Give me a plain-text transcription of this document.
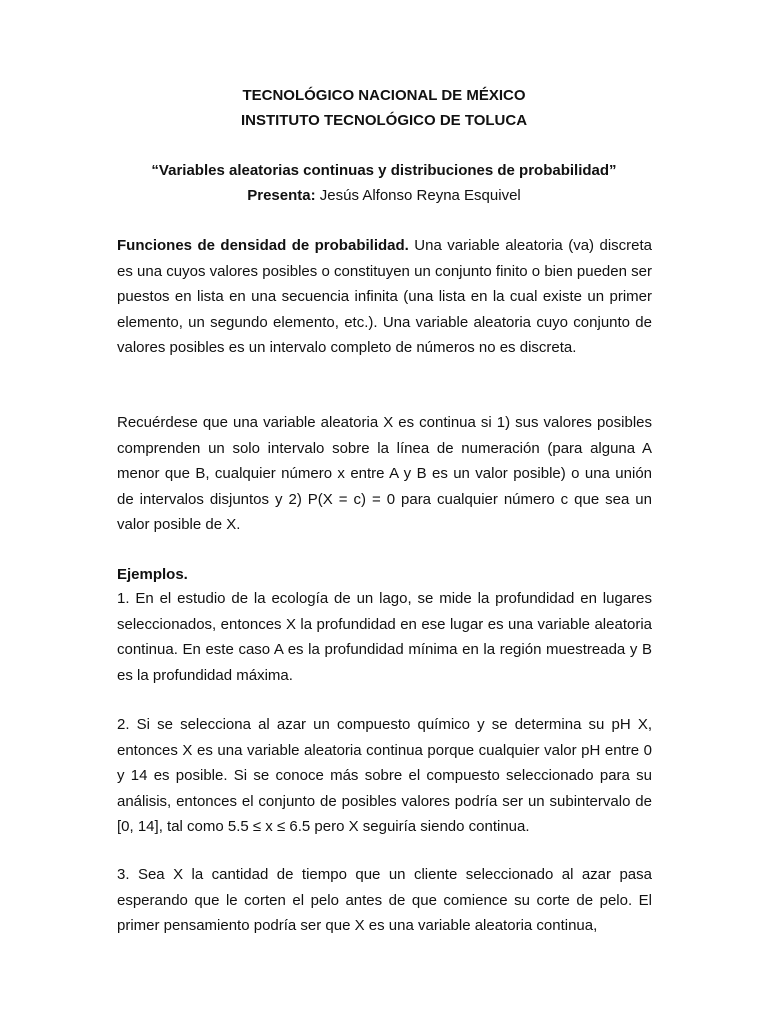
TECNOLÓGICO NACIONAL DE MÉXICO
INSTITUTO TECNOLÓGICO DE TOLUCA
“Variables aleatorias continuas y distribuciones de probabilidad”
Presenta: Jesús Alfonso Reyna Esquivel
Funciones de densidad de probabilidad. Una variable aleatoria (va) discreta es una cuyos valores posibles o constituyen un conjunto finito o bien pueden ser puestos en lista en una secuencia infinita (una lista en la cual existe un primer elemento, un segundo elemento, etc.). Una variable aleatoria cuyo conjunto de valores posibles es un intervalo completo de números no es discreta.
Recuérdese que una variable aleatoria X es continua si 1) sus valores posibles comprenden un solo intervalo sobre la línea de numeración (para alguna A menor que B, cualquier número x entre A y B es un valor posible) o una unión de intervalos disjuntos y 2) P(X = c) = 0 para cualquier número c que sea un valor posible de X.
Ejemplos.
1. En el estudio de la ecología de un lago, se mide la profundidad en lugares seleccionados, entonces X la profundidad en ese lugar es una variable aleatoria continua. En este caso A es la profundidad mínima en la región muestreada y B es la profundidad máxima.
2. Si se selecciona al azar un compuesto químico y se determina su pH X, entonces X es una variable aleatoria continua porque cualquier valor pH entre 0 y 14 es posible. Si se conoce más sobre el compuesto seleccionado para su análisis, entonces el conjunto de posibles valores podría ser un subintervalo de [0, 14], tal como 5.5 ≤ x ≤ 6.5 pero X seguiría siendo continua.
3. Sea X la cantidad de tiempo que un cliente seleccionado al azar pasa esperando que le corten el pelo antes de que comience su corte de pelo. El primer pensamiento podría ser que X es una variable aleatoria continua,
